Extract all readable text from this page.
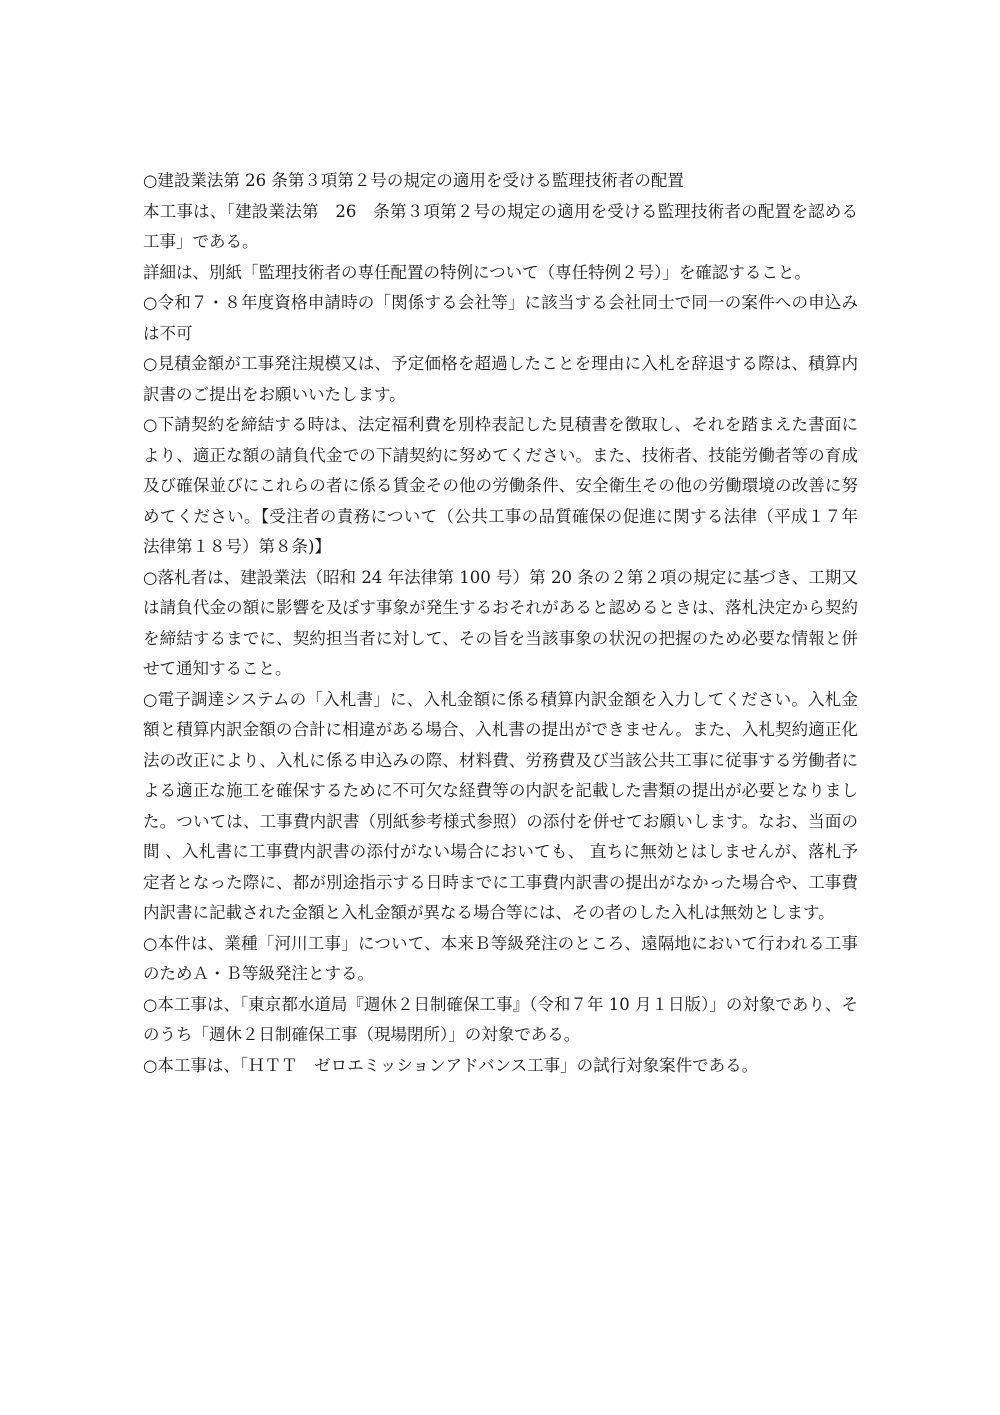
○建設業法第 26 条第３項第２号の規定の適用を受ける監理技術者の配置

本工事は、「建設業法第　26　条第３項第２号の規定の適用を受ける監理技術者の配置を認める工事」である。

詳細は、別紙「監理技術者の専任配置の特例について（専任特例２号）」を確認すること。

○令和７・８年度資格申請時の「関係する会社等」に該当する会社同士で同一の案件への申込みは不可

○見積金額が工事発注規模又は、予定価格を超過したことを理由に入札を辞退する際は、積算内訳書のご提出をお願いいたします。

○下請契約を締結する時は、法定福利費を別枠表記した見積書を徴取し、それを踏まえた書面により、適正な額の請負代金での下請契約に努めてください。また、技術者、技能労働者等の育成及び確保並びにこれらの者に係る賃金その他の労働条件、安全衛生その他の労働環境の改善に努めてください。【受注者の責務について（公共工事の品質確保の促進に関する法律（平成１７年法律第１８号）第８条)】

○落札者は、建設業法（昭和 24 年法律第 100 号）第 20 条の２第２項の規定に基づき、工期又は請負代金の額に影響を及ぼす事象が発生するおそれがあると認めるときは、落札決定から契約を締結するまでに、契約担当者に対して、その旨を当該事象の状況の把握のため必要な情報と併せて通知すること。

○電子調達システムの「入札書」に、入札金額に係る積算内訳金額を入力してください。入札金額と積算内訳金額の合計に相違がある場合、入札書の提出ができません。また、入札契約適正化法の改正により、入札に係る申込みの際、材料費、労務費及び当該公共工事に従事する労働者による適正な施工を確保するために不可欠な経費等の内訳を記載した書類の提出が必要となりました。ついては、工事費内訳書（別紙参考様式参照）の添付を併せてお願いします。なお、当面の間 、入札書に工事費内訳書の添付がない場合においても、 直ちに無効とはしませんが、落札予定者となった際に、都が別途指示する日時までに工事費内訳書の提出がなかった場合や、工事費内訳書に記載された金額と入札金額が異なる場合等には、その者のした入札は無効とします。

○本件は、業種「河川工事」について、本来Ｂ等級発注のところ、遠隔地において行われる工事のためＡ・Ｂ等級発注とする。

○本工事は、「東京都水道局『週休２日制確保工事』（令和７年 10 月１日版）」の対象であり、そのうち「週休２日制確保工事（現場閉所）」の対象である。

○本工事は、「ＨＴＴ　ゼロエミッションアドバンス工事」の試行対象案件である。
